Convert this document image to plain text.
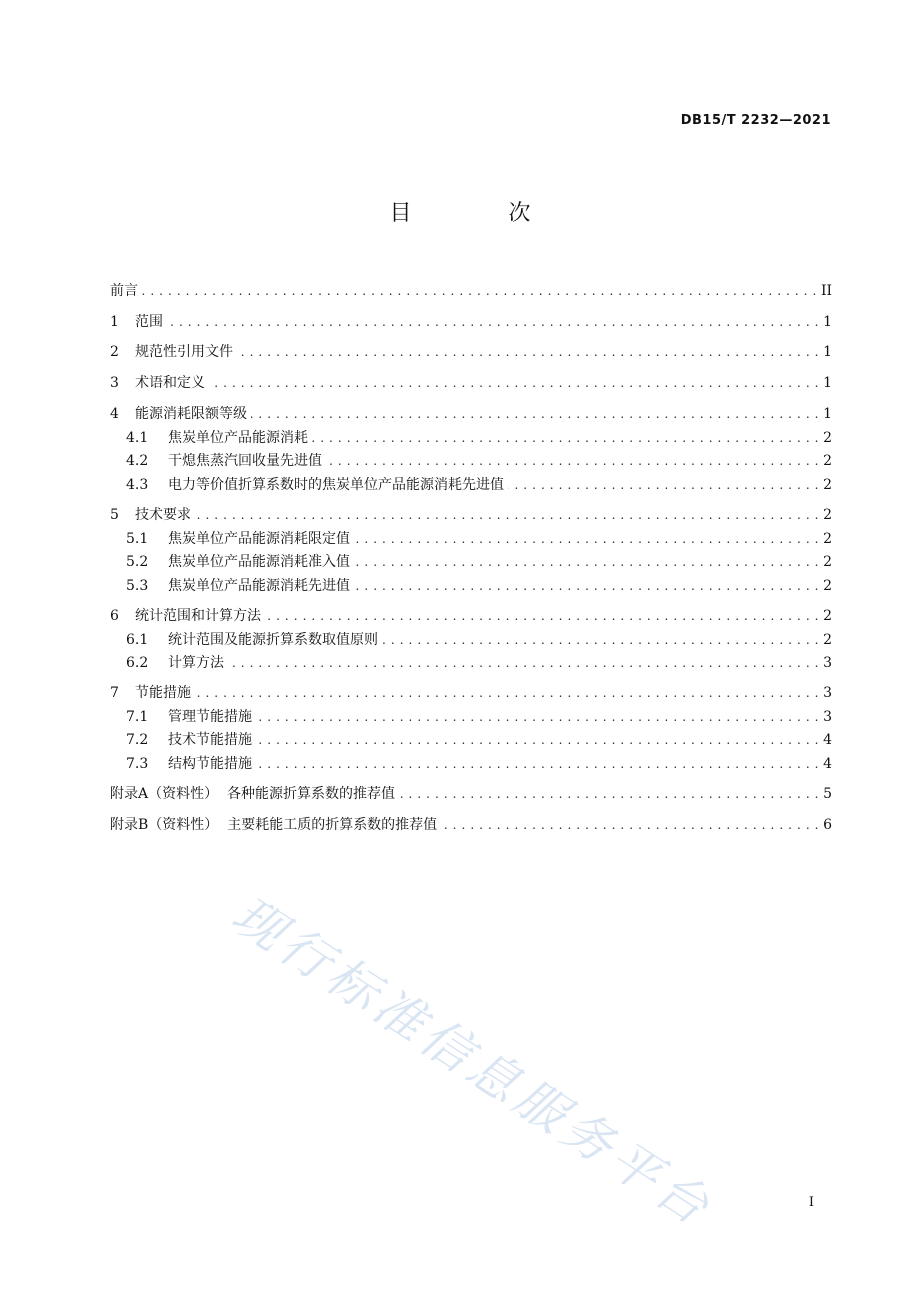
DB15/T 2232—2021
目 次
前言 . . .	II
1	范围 . . .	1
2	规范性引用文件 . . .	1
3	术语和定义 . . .	1
4	能源消耗限额等级 . . .	1
4.1	焦炭单位产品能源消耗 . . .	2
4.2	干熄焦蒸汽回收量先进值 . . .	2
4.3	电力等价值折算系数时的焦炭单位产品能源消耗先进值 . . .	2
5	技术要求 . . .	2
5.1	焦炭单位产品能源消耗限定值 . . .	2
5.2	焦炭单位产品能源消耗准入值 . . .	2
5.3	焦炭单位产品能源消耗先进值 . . .	2
6	统计范围和计算方法 . . .	2
6.1	统计范围及能源折算系数取值原则 . . .	2
6.2	计算方法 . . .	3
7	节能措施 . . .	3
7.1	管理节能措施 . . .	3
7.2	技术节能措施 . . .	4
7.3	结构节能措施 . . .	4
附录A（资料性）  各种能源折算系数的推荐值 . . .	5
附录B（资料性）  主要耗能工质的折算系数的推荐值 . . .	6
现行标准信息服务平台	I
